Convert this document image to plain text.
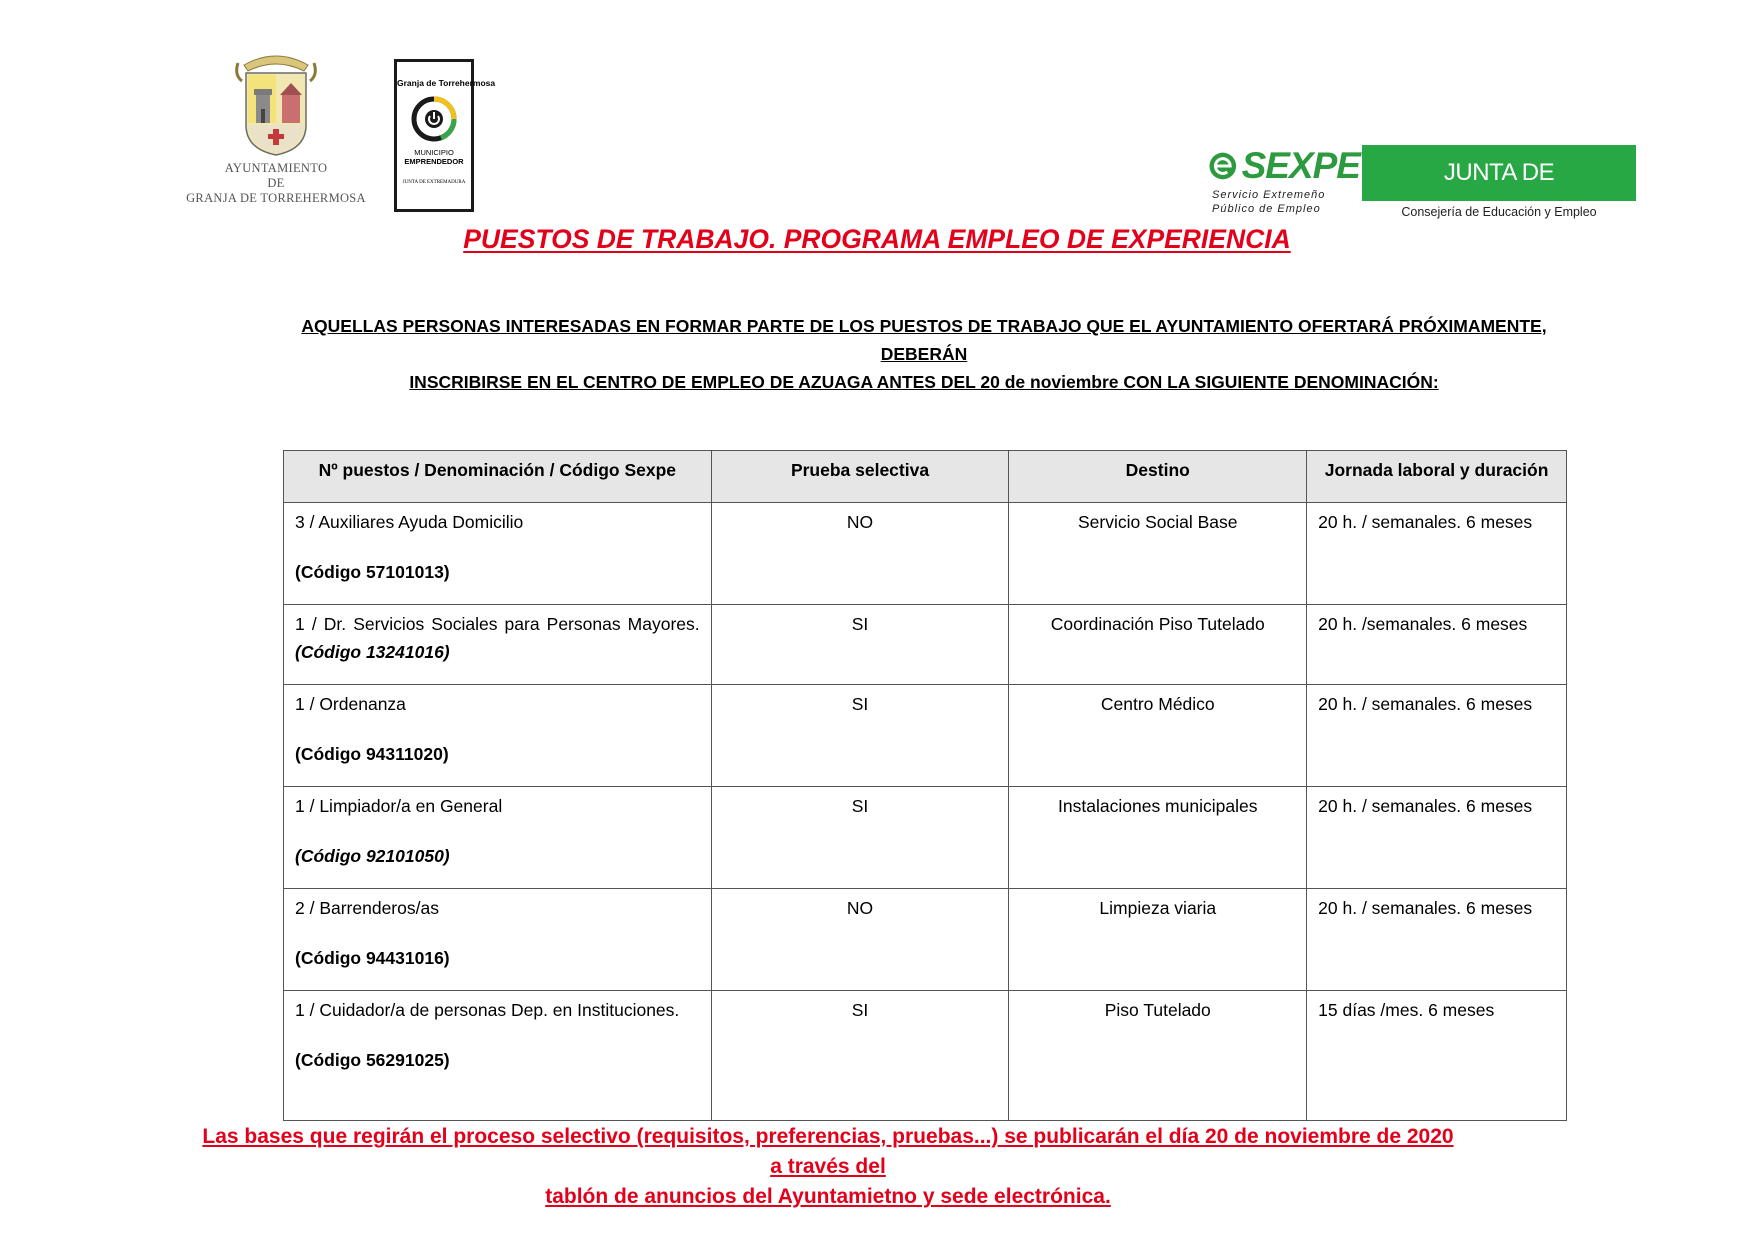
AYUNTAMIENTO
DE
GRANJA DE TORREHERMOSA
Granja de Torrehermosa
MUNICIPIO
EMPRENDEDOR
JUNTA DE EXTREMADURA	SEXPE
Servicio Extremeño
Público de Empleo
JUNTA DE EXTREMADURA
Consejería de Educación y Empleo
PUESTOS DE TRABAJO. PROGRAMA EMPLEO DE EXPERIENCIA
AQUELLAS PERSONAS INTERESADAS EN FORMAR PARTE DE LOS PUESTOS DE TRABAJO QUE EL AYUNTAMIENTO OFERTARÁ PRÓXIMAMENTE, DEBERÁN
INSCRIBIRSE EN EL CENTRO DE EMPLEO DE AZUAGA ANTES DEL 20 de noviembre CON LA SIGUIENTE DENOMINACIÓN:
Nº puestos / Denominación / Código Sexpe	Prueba selectiva	Destino	Jornada laboral y duración

3 / Auxiliares Ayuda Domicilio
(Código 57101013)	NO	Servicio Social Base	20 h. / semanales. 6 meses
1 / Dr. Servicios Sociales para Personas Mayores. (Código 13241016)	SI	Coordinación Piso Tutelado	20 h. /semanales. 6 meses

1 / Ordenanza
(Código 94311020)	SI	Centro Médico	20 h. / semanales. 6 meses

1 / Limpiador/a en General
(Código 92101050)	SI	Instalaciones municipales	20 h. / semanales. 6 meses

2 / Barrenderos/as
(Código 94431016)	NO	Limpieza viaria	20 h. / semanales. 6 meses

1 / Cuidador/a de personas Dep. en Instituciones.
(Código 56291025)	SI	Piso Tutelado	15 días /mes. 6 meses
Las bases que regirán el proceso selectivo (requisitos, preferencias, pruebas...) se publicarán el día 20 de noviembre de 2020 a través del
tablón de anuncios del Ayuntamietno y sede electrónica.
